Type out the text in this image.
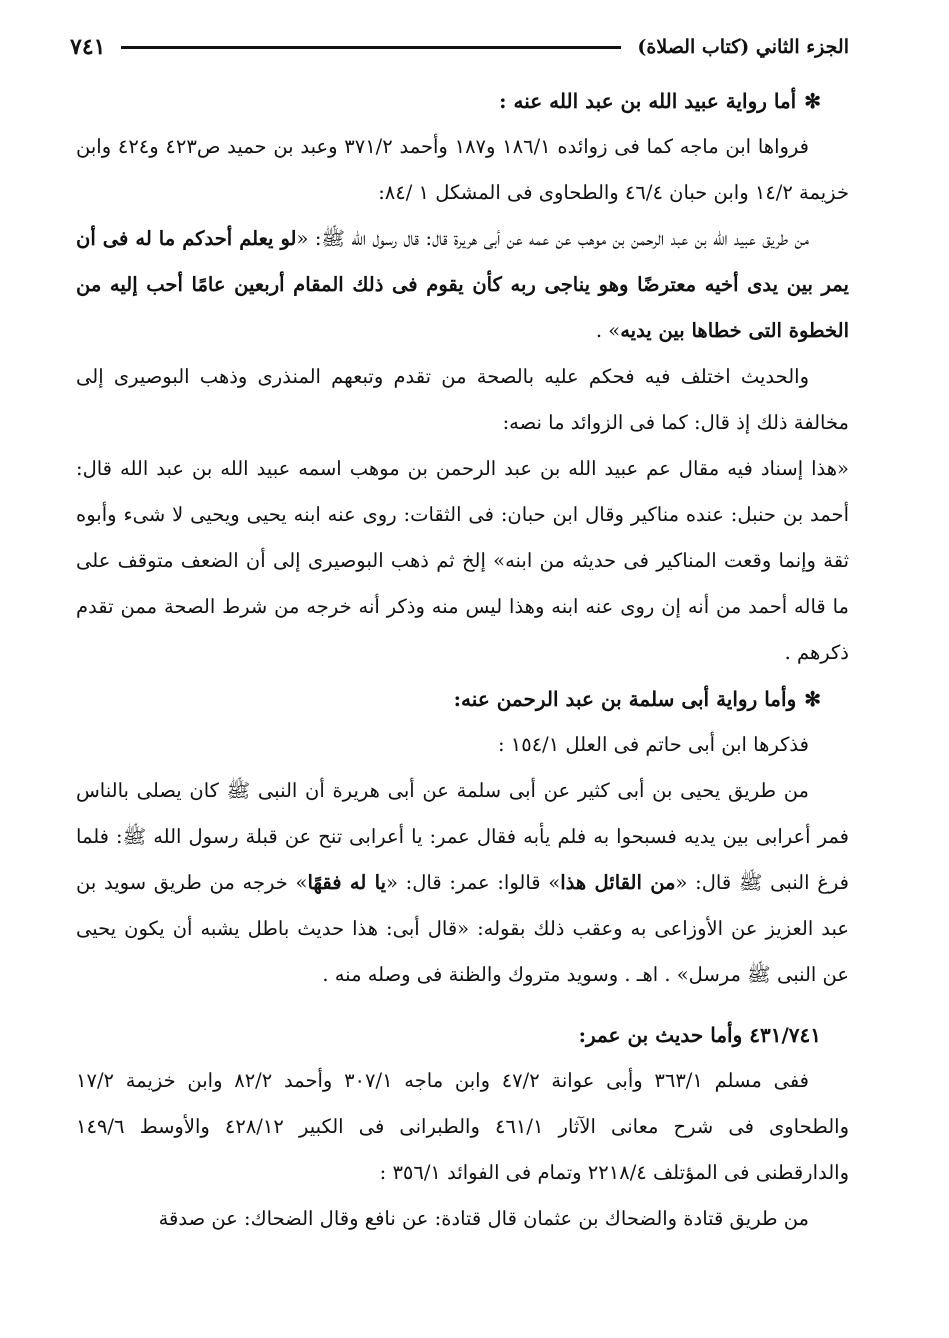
الجزء الثاني (كتاب الصلاة)
٧٤١
✻أما رواية عبيد الله بن عبد الله عنه :

فرواها ابن ماجه كما فى زوائده ١٨٦/١ و١٨٧ وأحمد ٣٧١/٢ وعبد بن حميد ص٤٢٣ و٤٢٤ وابن خزيمة ١٤/٢ وابن حبان ٤٦/٤ والطحاوى فى المشكل ١ /٨٤:

من طريق عبيد الله بن عبد الرحمن بن موهب عن عمه عن أبى هريرة قال: قال رسول الله ﷺ: «لو يعلم أحدكم ما له فى أن يمر بين يدى أخيه معترضًا وهو يناجى ربه كأن يقوم فى ذلك المقام أربعين عامًا أحب إليه من الخطوة التى خطاها بين يديه» .

والحديث اختلف فيه فحكم عليه بالصحة من تقدم وتبعهم المنذرى وذهب البوصيرى إلى مخالفة ذلك إذ قال: كما فى الزوائد ما نصه:

«هذا إسناد فيه مقال عم عبيد الله بن عبد الرحمن بن موهب اسمه عبيد الله بن عبد الله قال: أحمد بن حنبل: عنده مناكير وقال ابن حبان: فى الثقات: روى عنه ابنه يحيى ويحيى لا شىء وأبوه ثقة وإنما وقعت المناكير فى حديثه من ابنه» إلخ ثم ذهب البوصيرى إلى أن الضعف متوقف على ما قاله أحمد من أنه إن روى عنه ابنه وهذا ليس منه وذكر أنه خرجه من شرط الصحة ممن تقدم ذكرهم .

✻وأما رواية أبى سلمة بن عبد الرحمن عنه:

فذكرها ابن أبى حاتم فى العلل ١٥٤/١ :

من طريق يحيى بن أبى كثير عن أبى سلمة عن أبى هريرة أن النبى ﷺ كان يصلى بالناس فمر أعرابى بين يديه فسبحوا به فلم يأبه فقال عمر: يا أعرابى تنح عن قبلة رسول الله ﷺ: فلما فرغ النبى ﷺ قال: «من القائل هذا» قالوا: عمر: قال: «يا له فقهًا» خرجه من طريق سويد بن عبد العزيز عن الأوزاعى به وعقب ذلك بقوله: «قال أبى: هذا حديث باطل يشبه أن يكون يحيى عن النبى ﷺ مرسل» . اهـ . وسويد متروك والظنة فى وصله منه .

٤٣١/٧٤١ وأما حديث بن عمر:

ففى مسلم ٣٦٣/١ وأبى عوانة ٤٧/٢ وابن ماجه ٣٠٧/١ وأحمد ٨٢/٢ وابن خزيمة ١٧/٢ والطحاوى فى شرح معانى الآثار ٤٦١/١ والطبرانى فى الكبير ٤٢٨/١٢ والأوسط ١٤٩/٦ والدارقطنى فى المؤتلف ٢٢١٨/٤ وتمام فى الفوائد ٣٥٦/١ :

من طريق قتادة والضحاك بن عثمان قال قتادة: عن نافع وقال الضحاك: عن صدقة
